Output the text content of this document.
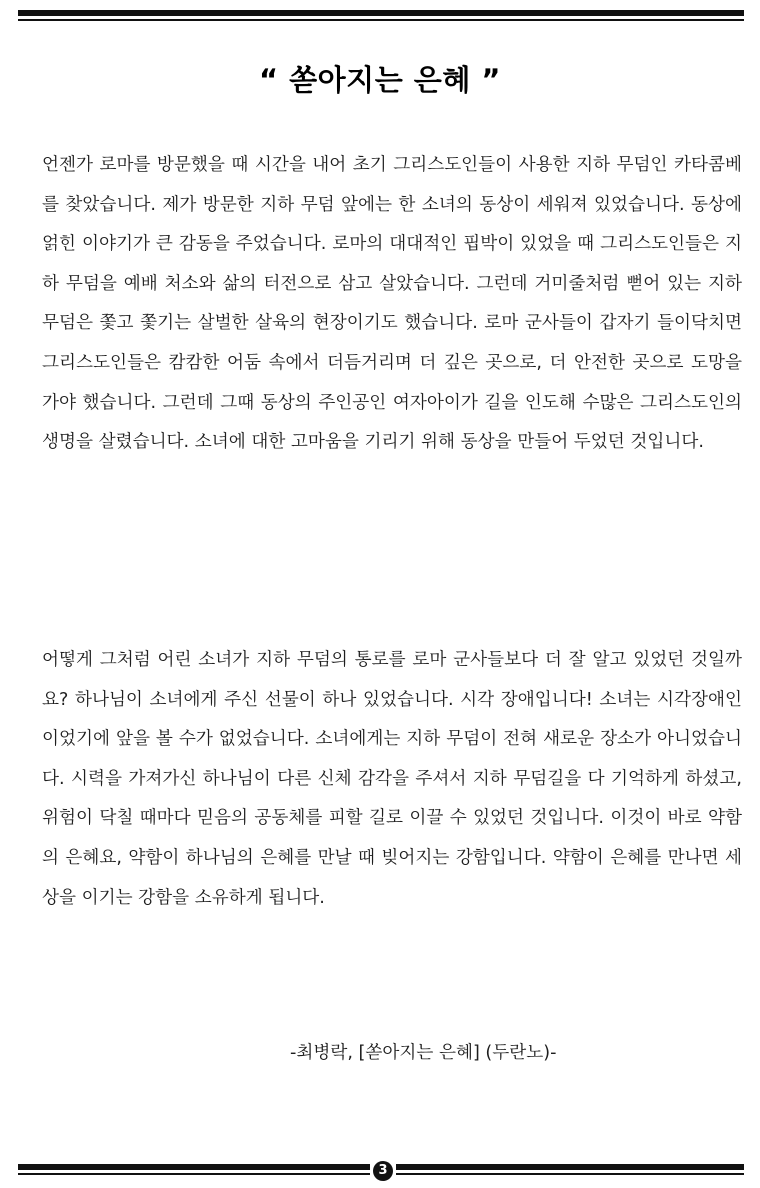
“ 쏟아지는 은혜 ”

언젠가 로마를 방문했을 때 시간을 내어 초기 그리스도인들이 사용한 지하 무덤인 카타콤베를 찾았습니다. 제가 방문한 지하 무덤 앞에는 한 소녀의 동상이 세워져 있었습니다. 동상에 얽힌 이야기가 큰 감동을 주었습니다. 로마의 대대적인 핍박이 있었을 때 그리스도인들은 지하 무덤을 예배 처소와 삶의 터전으로 삼고 살았습니다. 그런데 거미줄처럼 뻗어 있는 지하 무덤은 쫓고 쫓기는 살벌한 살육의 현장이기도 했습니다. 로마 군사들이 갑자기 들이닥치면 그리스도인들은 캄캄한 어둠 속에서 더듬거리며 더 깊은 곳으로, 더 안전한 곳으로 도망을 가야 했습니다. 그런데 그때 동상의 주인공인 여자아이가 길을 인도해 수많은 그리스도인의 생명을 살렸습니다. 소녀에 대한 고마움을 기리기 위해 동상을 만들어 두었던 것입니다.

어떻게 그처럼 어린 소녀가 지하 무덤의 통로를 로마 군사들보다 더 잘 알고 있었던 것일까요? 하나님이 소녀에게 주신 선물이 하나 있었습니다. 시각 장애입니다! 소녀는 시각장애인이었기에 앞을 볼 수가 없었습니다. 소녀에게는 지하 무덤이 전혀 새로운 장소가 아니었습니다. 시력을 가져가신 하나님이 다른 신체 감각을 주셔서 지하 무덤길을 다 기억하게 하셨고, 위험이 닥칠 때마다 믿음의 공동체를 피할 길로 이끌 수 있었던 것입니다. 이것이 바로 약함의 은혜요, 약함이 하나님의 은혜를 만날 때 빚어지는 강함입니다. 약함이 은혜를 만나면 세상을 이기는 강함을 소유하게 됩니다.

-최병락, [쏟아지는 은혜] (두란노)-

3
